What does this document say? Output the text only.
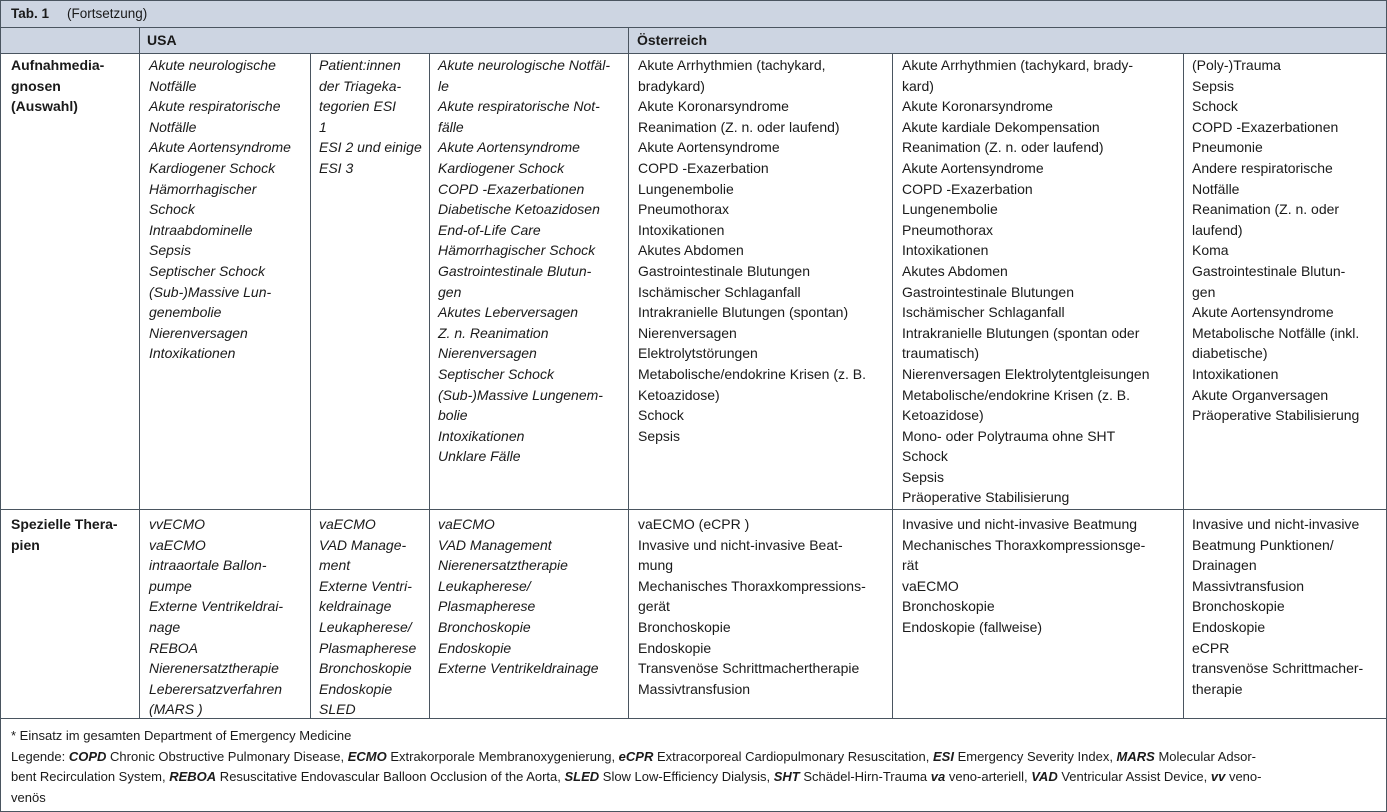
Tab. 1 (Fortsetzung)
USA	Österreich
Aufnahmedia-
gnosen
(Auswahl)
Akute neurologische
Notfälle
Akute respiratorische
Notfälle
Akute Aortensyndrome
Kardiogener Schock
Hämorrhagischer
Schock
Intraabdominelle
Sepsis
Septischer Schock
(Sub-)Massive Lun-
genembolie
Nierenversagen
Intoxikationen
Patient:innen
der Triageka-
tegorien ESI
1
ESI 2 und einige
ESI 3
Akute neurologische Notfäl-
le
Akute respiratorische Not-
fälle
Akute Aortensyndrome
Kardiogener Schock
COPD -Exazerbationen
Diabetische Ketoazidosen
End-of-Life Care
Hämorrhagischer Schock
Gastrointestinale Blutun-
gen
Akutes Leberversagen
Z. n. Reanimation
Nierenversagen
Septischer Schock
(Sub-)Massive Lungenem-
bolie
Intoxikationen
Unklare Fälle
Akute Arrhythmien (tachykard,
bradykard)
Akute Koronarsyndrome
Reanimation (Z. n. oder laufend)
Akute Aortensyndrome
COPD -Exazerbation
Lungenembolie
Pneumothorax
Intoxikationen
Akutes Abdomen
Gastrointestinale Blutungen
Ischämischer Schlaganfall
Intrakranielle Blutungen (spontan)
Nierenversagen
Elektrolytstörungen
Metabolische/endokrine Krisen (z. B.
Ketoazidose)
Schock
Sepsis
Akute Arrhythmien (tachykard, brady-
kard)
Akute Koronarsyndrome
Akute kardiale Dekompensation
Reanimation (Z. n. oder laufend)
Akute Aortensyndrome
COPD -Exazerbation
Lungenembolie
Pneumothorax
Intoxikationen
Akutes Abdomen
Gastrointestinale Blutungen
Ischämischer Schlaganfall
Intrakranielle Blutungen (spontan oder
traumatisch)
Nierenversagen Elektrolytentgleisungen
Metabolische/endokrine Krisen (z. B.
Ketoazidose)
Mono- oder Polytrauma ohne SHT
Schock
Sepsis
Präoperative Stabilisierung
(Poly-)Trauma
Sepsis
Schock
COPD -Exazerbationen
Pneumonie
Andere respiratorische
Notfälle
Reanimation (Z. n. oder
laufend)
Koma
Gastrointestinale Blutun-
gen
Akute Aortensyndrome
Metabolische Notfälle (inkl.
diabetische)
Intoxikationen
Akute Organversagen
Präoperative Stabilisierung
Spezielle Thera-
pien
vvECMO
vaECMO
intraaortale Ballon-
pumpe
Externe Ventrikeldrai-
nage
REBOA
Nierenersatztherapie
Leberersatzverfahren
(MARS )
vaECMO
VAD Manage-
ment
Externe Ventri-
keldrainage
Leukapherese/
Plasmapherese
Bronchoskopie
Endoskopie
SLED
vaECMO
VAD Management
Nierenersatztherapie
Leukapherese/
Plasmapherese
Bronchoskopie
Endoskopie
Externe Ventrikeldrainage
vaECMO (eCPR )
Invasive und nicht-invasive Beat-
mung
Mechanisches Thoraxkompressions-
gerät
Bronchoskopie
Endoskopie
Transvenöse Schrittmachertherapie
Massivtransfusion
Invasive und nicht-invasive Beatmung
Mechanisches Thoraxkompressionsge-
rät
vaECMO
Bronchoskopie
Endoskopie (fallweise)
Invasive und nicht-invasive
Beatmung Punktionen/
Drainagen
Massivtransfusion
Bronchoskopie
Endoskopie
eCPR
transvenöse Schrittmacher-
therapie
* Einsatz im gesamten Department of Emergency Medicine
Legende: COPD Chronic Obstructive Pulmonary Disease, ECMO Extrakorporale Membranoxygenierung, eCPR Extracorporeal Cardiopulmonary Resuscitation, ESI Emergency Severity Index, MARS Molecular Adsor-
bent Recirculation System, REBOA Resuscitative Endovascular Balloon Occlusion of the Aorta, SLED Slow Low-Efficiency Dialysis, SHT Schädel-Hirn-Trauma va veno-arteriell, VAD Ventricular Assist Device, vv veno-
venös
